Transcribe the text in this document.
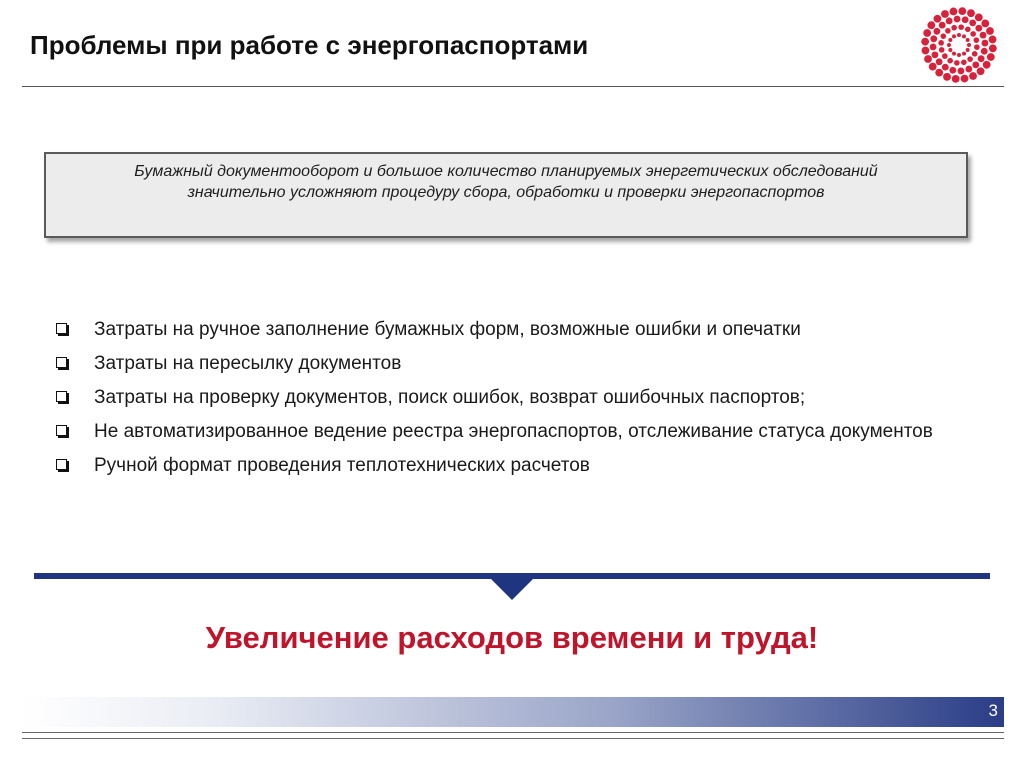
Проблемы при работе с энергопаспортами
Бумажный документооборот и большое количество планируемых энергетических обследований значительно усложняют процедуру сбора, обработки и проверки энергопаспортов
Затраты на ручное заполнение бумажных форм, возможные ошибки и опечатки
Затраты на пересылку документов
Затраты на проверку документов, поиск ошибок, возврат ошибочных паспортов;
Не автоматизированное ведение реестра энергопаспортов, отслеживание статуса документов
Ручной формат проведения теплотехнических расчетов
Увеличение расходов времени и труда!
3
